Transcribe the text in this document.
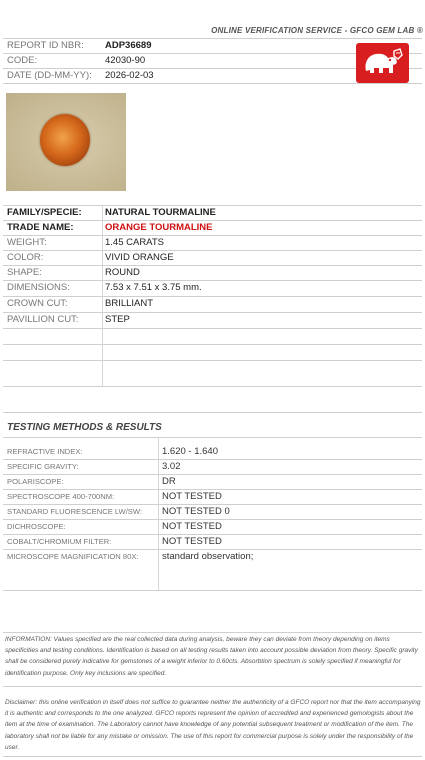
ONLINE VERIFICATION SERVICE - GFCO GEM LAB ®
REPORT ID NBR: ADP36689
CODE:	42030-90
DATE (DD-MM-YY): 2026-02-03
FAMILY/SPECIE: NATURAL TOURMALINE
TRADE NAME:	ORANGE TOURMALINE
WEIGHT:	1.45 CARATS
COLOR:	VIVID ORANGE
SHAPE:	ROUND
DIMENSIONS:	7.53 x 7.51 x 3.75 mm.
CROWN CUT:	BRILLIANT
PAVILLION CUT:	STEP
TESTING METHODS & RESULTS
REFRACTIVE INDEX:	1.620 - 1.640
SPECIFIC GRAVITY:	3.02
POLARISCOPE:	DR
SPECTROSCOPE 400-700NM:	NOT TESTED
STANDARD FLUORESCENCE LW/SW: NOT TESTED 0
DICHROSCOPE:	NOT TESTED
COBALT/CHROMIUM FILTER:	NOT TESTED
MICROSCOPE MAGNIFICATION 80X: standard observation;
INFORMATION: Values specified are the real collected data during analysis, beware they can deviate from theory depending on items specificities and testing conditions. Identification is based on all testing results taken into account possible deviation from theory. Specific gravity shall be considered purely indicative for gemstones of a weight inferior to 0.60cts. Absorbtion spectrum is solely specified if meaningful for identification purpose. Only key inclusions are specified.
Disclaimer: this online verification in itself does not suffice to guarantee neither the authenticity of a GFCO report nor that the item accompanying it is authentic and corresponds to the one analyzed. GFCO reports represent the opinion of accredited and experienced gemologists about the item at the time of examination. The Laboratory cannot have knowledge of any potential subsequent treatment or modification of the item. The laboratory shall not be liable for any mistake or omission. The use of this report for commercial purpose is solely under the responsibility of the user.
